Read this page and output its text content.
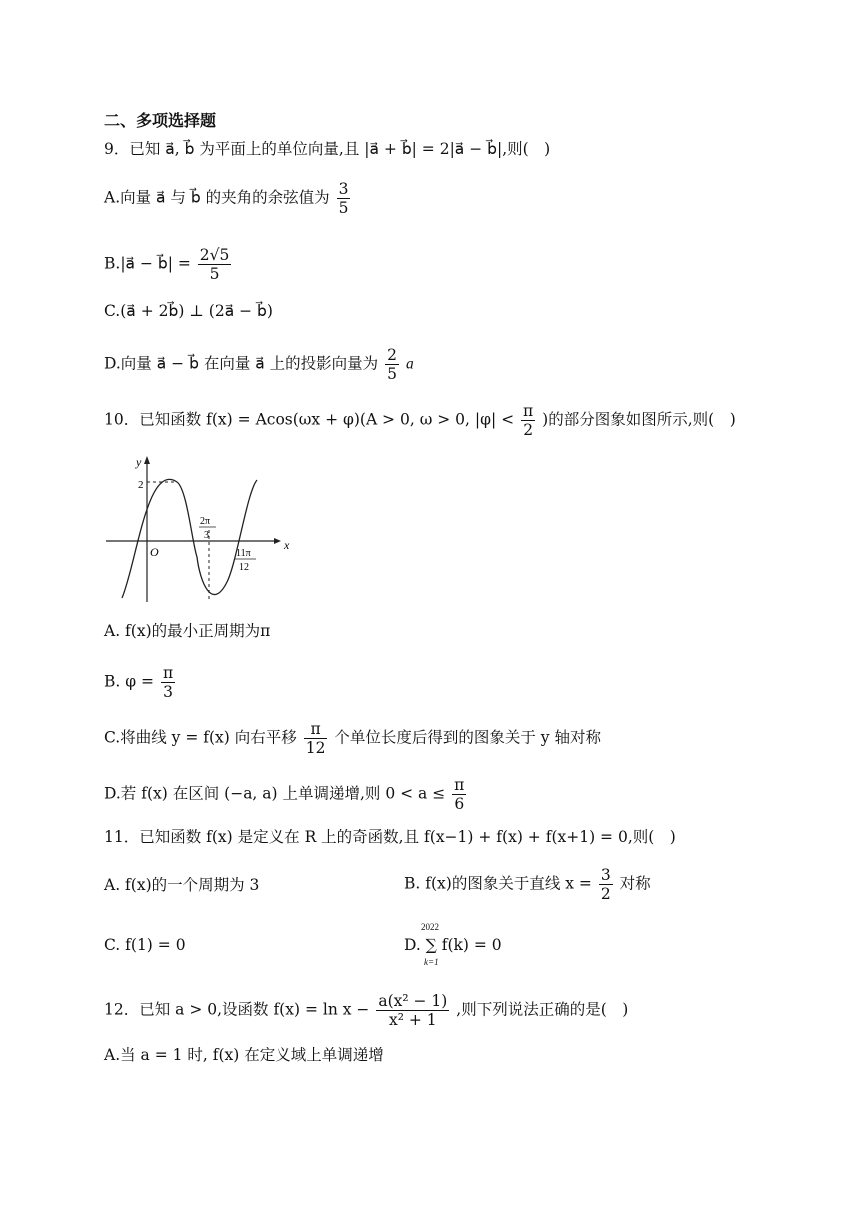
二、多项选择题
9．已知 a⃗, b⃗ 为平面上的单位向量,且 |a⃗ + b⃗| = 2|a⃗ − b⃗|,则(　)
A.向量 a⃗ 与 b⃗ 的夹角的余弦值为 $\frac{3}{5}$
B.|a⃗ − b⃗| = $\frac{2√5}{5}$
C.(a⃗ + 2b⃗) ⊥ (2a⃗ − b⃗)
D.向量 a⃗ − b⃗ 在向量 a⃗ 上的投影向量为 $\frac{2}{5}$ a⃗
10．已知函数 f(x) = Acos(ωx + φ)(A > 0, ω > 0, $|\varphi| < \frac{\pi}{2}$ )的部分图象如图所示,则(　)
y
x
O
2
2π
3
11π
12
A. f(x)的最小正周期为π
B. $\varphi = \frac{\pi}{3}$
C.将曲线 y = f(x) 向右平移 $\frac{\pi}{12}$ 个单位长度后得到的图象关于 y 轴对称
D.若 f(x) 在区间 (−a, a) 上单调递增,则 $0 < a \le \frac{\pi}{6}$
11．已知函数 f(x) 是定义在 R 上的奇函数,且 f(x−1) + f(x) + f(x+1) = 0,则(　)
A. f(x)的一个周期为 3	B. f(x)的图象关于直线 $x = \frac{3}{2}$ 对称
C. f(1) = 0	D. ∑ f(k) = 0
2022
k=1
12．已知 a > 0,设函数 $f(x) = \ln x - \frac{\text{a(x² − 1)}}{\text{x² + 1}}$ ,则下列说法正确的是(　)
A.当 a = 1 时, f(x) 在定义域上单调递增
